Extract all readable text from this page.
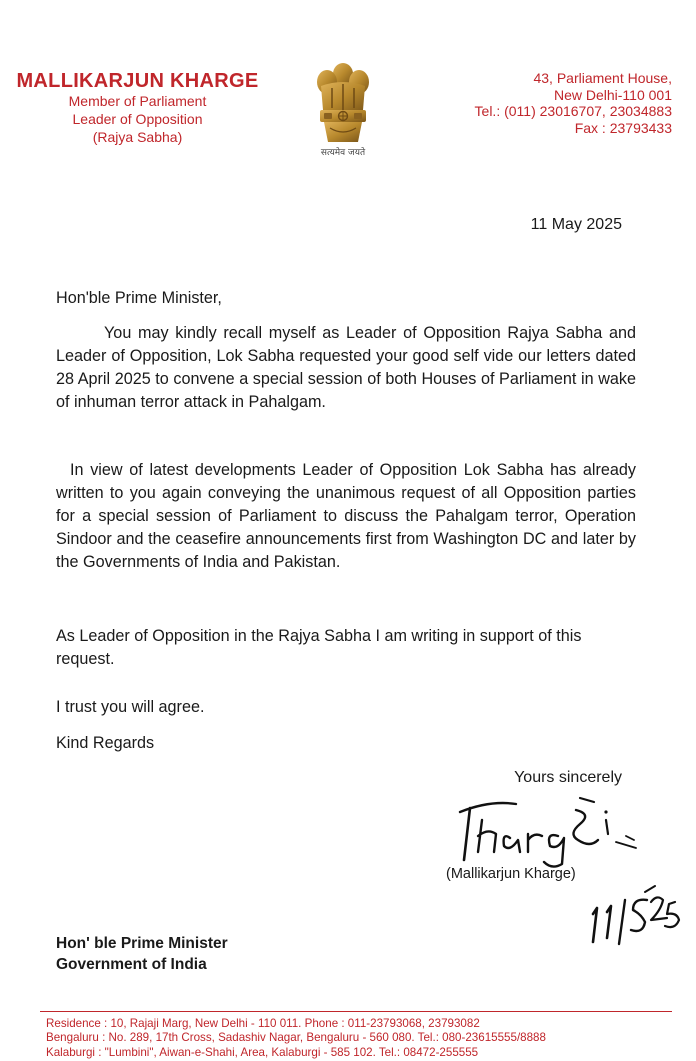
MALLIKARJUN KHARGE
Member of Parliament
Leader of Opposition
(Rajya Sabha)
सत्यमेव जयते
43, Parliament House,
New Delhi-110 001
Tel.: (011) 23016707, 23034883
Fax : 23793433
11 May 2025
Hon'ble Prime Minister,
You may kindly recall myself as Leader of Opposition Rajya Sabha and Leader of Opposition, Lok Sabha requested your good self vide our letters dated 28 April 2025 to convene a special session of both Houses of Parliament in wake of inhuman terror attack in Pahalgam.
In view of latest developments Leader of Opposition Lok Sabha has already written to you again conveying the unanimous request of all Opposition parties for a special session of Parliament to discuss the Pahalgam terror, Operation Sindoor and the ceasefire announcements first from Washington DC and later by the Governments of India and Pakistan.
As Leader of Opposition in the Rajya Sabha I am writing in support of this request.
I trust you will agree.
Kind Regards
Yours sincerely
(Mallikarjun Kharge)
Hon' ble Prime Minister
Government of India
Residence : 10, Rajaji Marg, New Delhi - 110 011. Phone : 011-23793068, 23793082
Bengaluru : No. 289, 17th Cross, Sadashiv Nagar, Bengaluru - 560 080. Tel.: 080-23615555/8888
Kalaburgi : "Lumbini", Aiwan-e-Shahi, Area, Kalaburgi - 585 102. Tel.: 08472-255555
